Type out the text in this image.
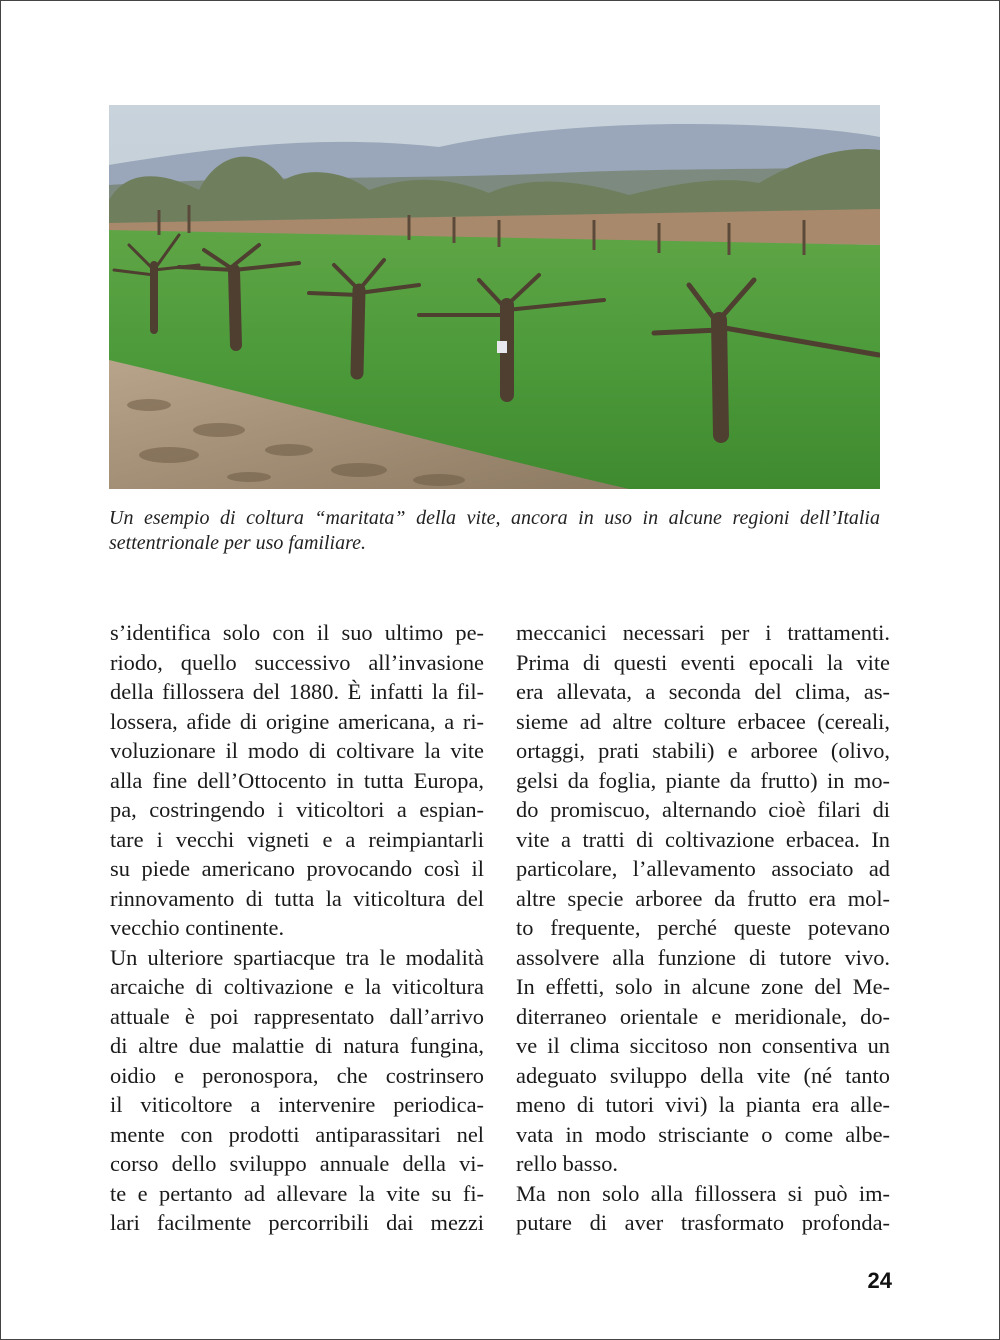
Un esempio di coltura “maritata” della vite, ancora in uso in alcune regioni dell’Italia
settentrionale per uso familiare.
s’identifica solo con il suo ultimo pe-
riodo, quello successivo all’invasione
della fillossera del 1880. È infatti la fil-
lossera, afide di origine americana, a ri-
voluzionare il modo di coltivare la vite
alla fine dell’Ottocento in tutta Europa,
pa, costringendo i viticoltori a espian-
tare i vecchi vigneti e a reimpiantarli
su piede americano provocando così il
rinnovamento di tutta la viticoltura del
vecchio continente.
Un ulteriore spartiacque tra le modalità
arcaiche di coltivazione e la viticoltura
attuale è poi rappresentato dall’arrivo
di altre due malattie di natura fungina,
oidio e peronospora, che costrinsero
il viticoltore a intervenire periodica-
mente con prodotti antiparassitari nel
corso dello sviluppo annuale della vi-
te e pertanto ad allevare la vite su fi-
lari facilmente percorribili dai mezzi
meccanici necessari per i trattamenti.
Prima di questi eventi epocali la vite
era allevata, a seconda del clima, as-
sieme ad altre colture erbacee (cereali,
ortaggi, prati stabili) e arboree (olivo,
gelsi da foglia, piante da frutto) in mo-
do promiscuo, alternando cioè filari di
vite a tratti di coltivazione erbacea. In
particolare, l’allevamento associato ad
altre specie arboree da frutto era mol-
to frequente, perché queste potevano
assolvere alla funzione di tutore vivo.
In effetti, solo in alcune zone del Me-
diterraneo orientale e meridionale, do-
ve il clima siccitoso non consentiva un
adeguato sviluppo della vite (né tanto
meno di tutori vivi) la pianta era alle-
vata in modo strisciante o come albe-
rello basso.
Ma non solo alla fillossera si può im-
putare di aver trasformato profonda-
24
